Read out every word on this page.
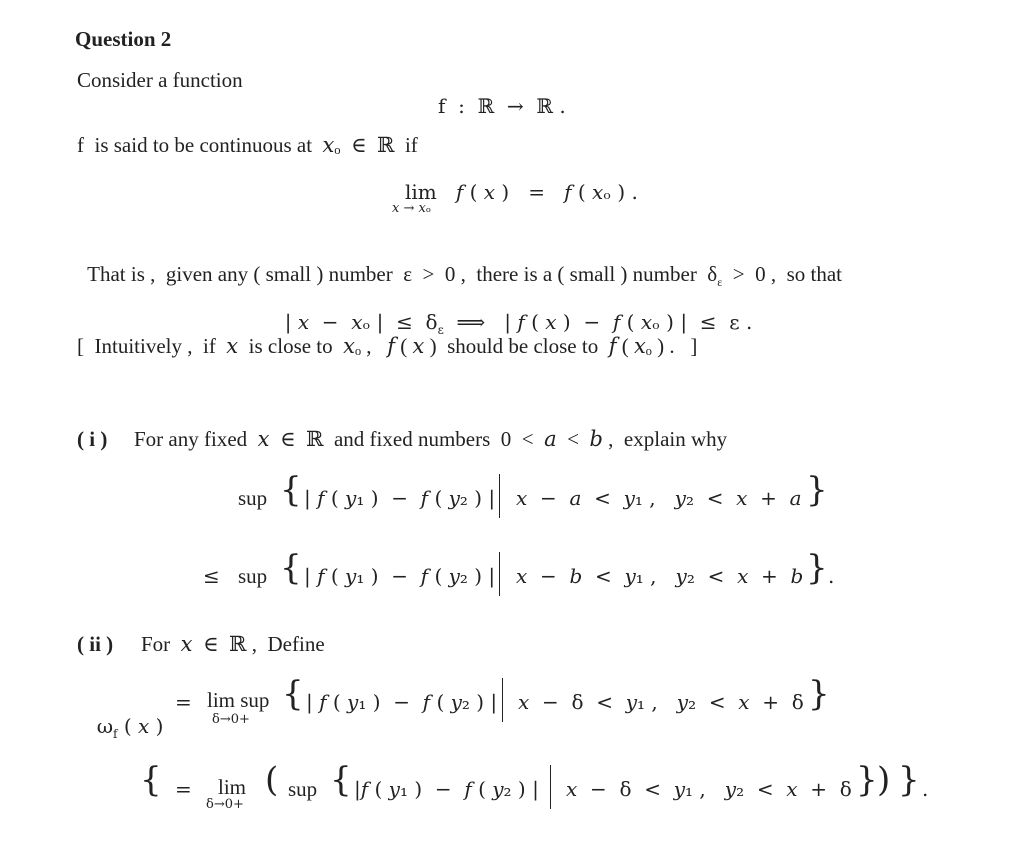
Question 2
Consider a function
f  :  ℝ  →  ℝ .
f  is said to be continuous at  𝑥ₒ  ∈  ℝ  if
lim   𝑓 ( 𝑥 )   =   𝑓 ( 𝑥ₒ ) .
𝑥 → 𝑥ₒ

That is ,  given any ( small ) number  ε  >  0 ,  there is a ( small ) number  $\delta_\varepsilon > 0$ ,  so that

| 𝑥  −  𝑥ₒ |  ≤  $\delta_\varepsilon$  ⟹   | 𝑓 ( 𝑥 )  −  𝑓 ( 𝑥ₒ ) |  ≤  ε .

[  Intuitively ,  if  𝑥  is close to  𝑥ₒ ,   𝑓 ( 𝑥 )  should be close to  𝑓 ( 𝑥ₒ ) .   ]
( i ) For any fixed  𝑥  ∈  ℝ  and fixed numbers  0  <  𝑎  <  𝑏 ,  explain why
sup { | 𝑓 ( 𝑦₁ )  −  𝑓 ( 𝑦₂ ) | 𝑥  −  𝑎  <  𝑦₁ ,   𝑦₂  <  𝑥  +  𝑎 }
≤ sup { | 𝑓 ( 𝑦₁ )  −  𝑓 ( 𝑦₂ ) | 𝑥  −  𝑏  <  𝑦₁ ,   𝑦₂  <  𝑥  +  𝑏 } .
( ii ) For  𝑥  ∈  ℝ ,  Define

$\omega_f$ ( 𝑥 )

= lim sup
δ→0+
{ | 𝑓 ( 𝑦₁ )  −  𝑓 ( 𝑦₂ ) | 𝑥  −  δ  <  𝑦₁ ,   𝑦₂  <  𝑥  +  δ }
{ = lim
δ→0+
( sup { |𝑓 ( 𝑦₁ )  −  𝑓 ( 𝑦₂ ) | 𝑥  −  δ  <  𝑦₁ ,   𝑦₂  <  𝑥  +  δ } ) } .
